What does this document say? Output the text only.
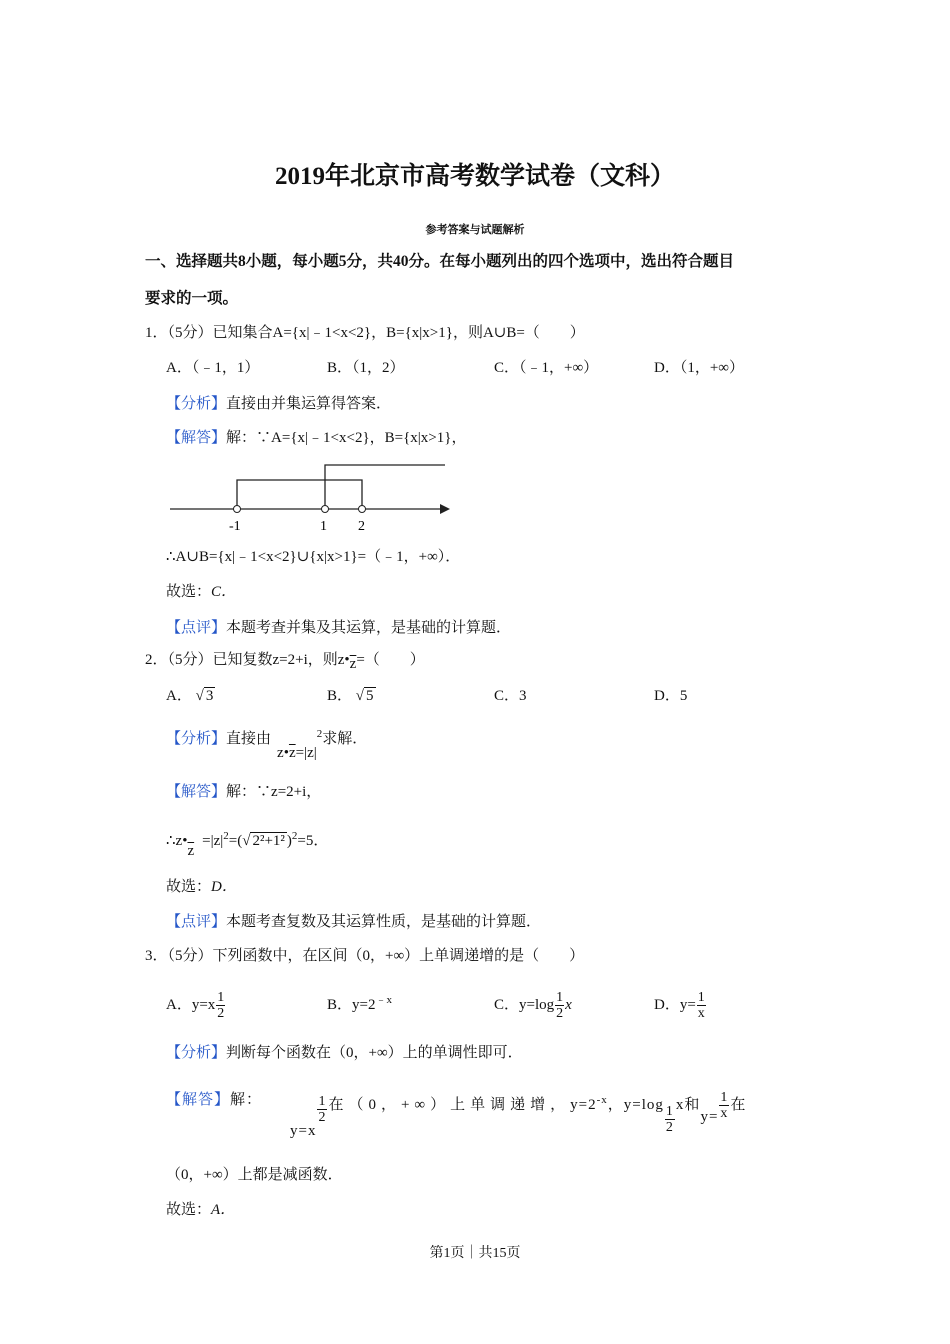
2019年北京市高考数学试卷（文科）
参考答案与试题解析
一、选择题共8小题，每小题5分，共40分。在每小题列出的四个选项中，选出符合题目
要求的一项。
1．（5分）已知集合A={x|﹣1<x<2}，B={x|x>1}，则A∪B=（　　）
A．（﹣1，1）	B．（1，2）	C．（﹣1，+∞）	D．（1，+∞）
【分析】直接由并集运算得答案．
【解答】解：∵A={x|﹣1<x<2}，B={x|x>1}，
-1	1 2
∴A∪B={x|﹣1<x<2}∪{x|x>1}=（﹣1，+∞）．
故选：C．
【点评】本题考查并集及其运算，是基础的计算题．
2．（5分）已知复数z=2+i，则$z•\overline{z}=$（　　）
A． √ 3	B． √ 5	C．3	D．5
【分析】直接由$z•\overline{z}=|z|^2$求解．
【解答】解：∵z=2+i，
$\therefore z•\overline{z}=|z|^2=(√$ 2²+1² )$^2$=5．
故选：D．
【点评】本题考查复数及其运算性质，是基础的计算题．
3．（5分）下列函数中，在区间（0，+∞）上单调递增的是（　　）
A．$y=x \frac{1}{2}$	B．$y=2^{﹣x}$	C．$y=\log \frac{1}{2}$ x	D．$y= \frac{1}{x}$
【分析】判断每个函数在（0，+∞）上的单调性即可．
【解答】解：
y=x
$\frac{1}{2}$ 在（0，+∞）上单调递增，$y=2^{-x}$，$y=\log \frac{1}{2}$ x和$y= \frac{1}{x}$ 在
（0，+∞）上都是减函数．
故选：A．
第1页｜共15页
